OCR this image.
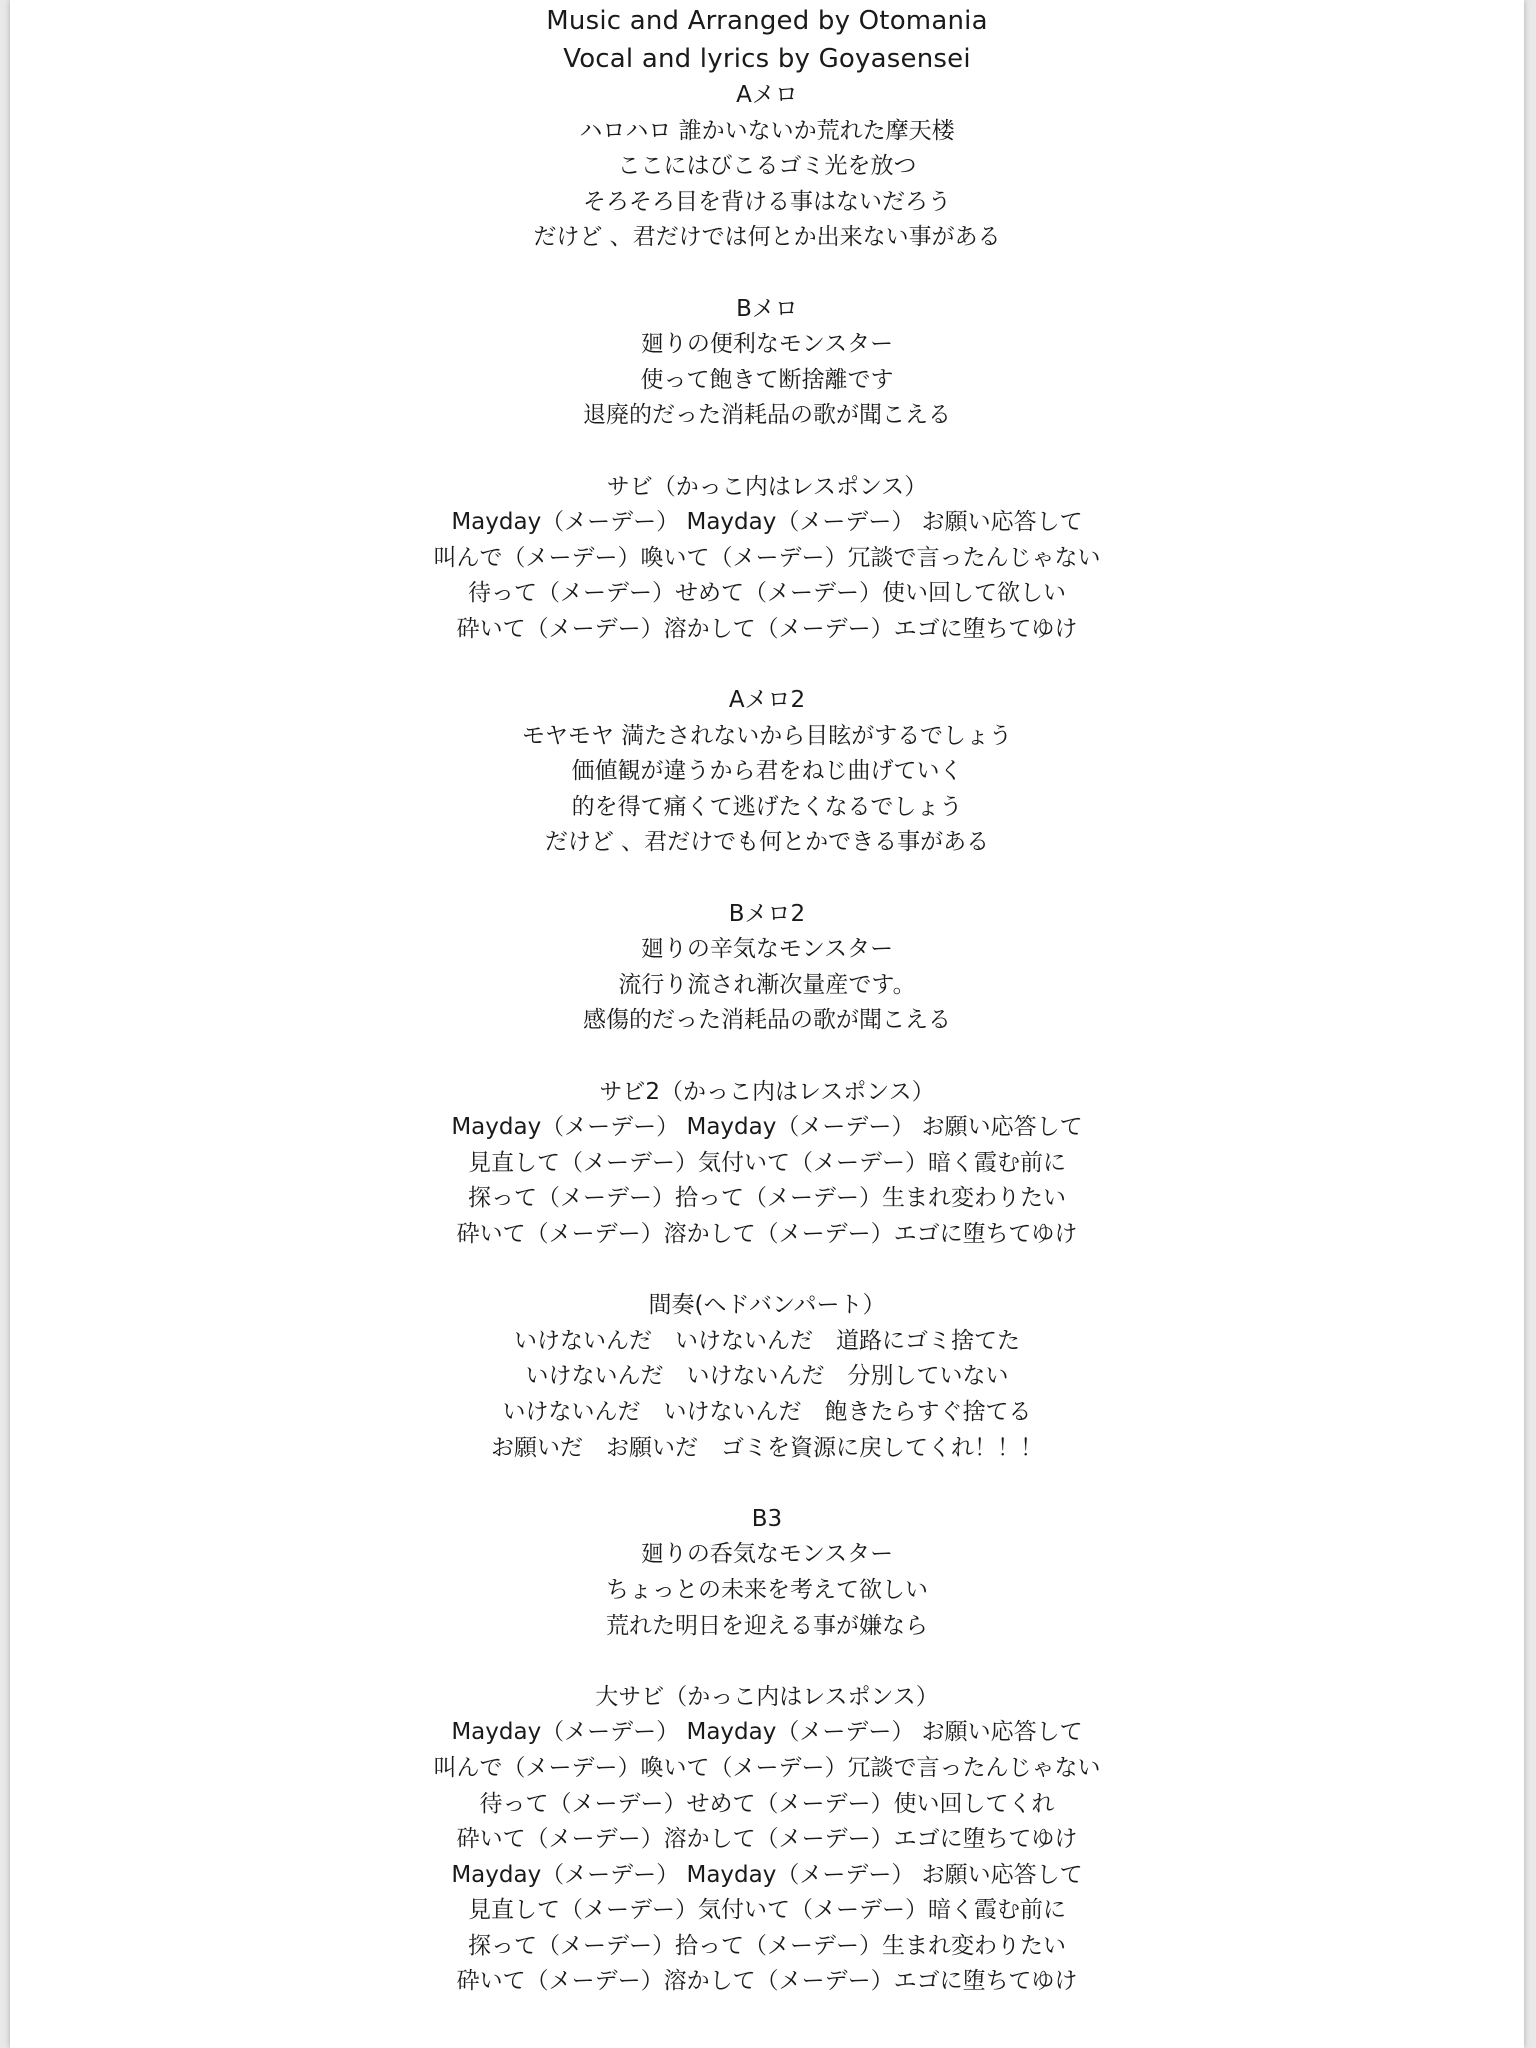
Music and Arranged by Otomania
Vocal and lyrics by Goyasensei
Aメロ
ハロハロ 誰かいないか荒れた摩天楼
ここにはびこるゴミ光を放つ
そろそろ目を背ける事はないだろう
だけど 、君だけでは何とか出来ない事がある
Bメロ
廻りの便利なモンスター
使って飽きて断捨離です
退廃的だった消耗品の歌が聞こえる
サビ（かっこ内はレスポンス）
Mayday（メーデー） Mayday（メーデー） お願い応答して
叫んで（メーデー）喚いて（メーデー）冗談で言ったんじゃない
待って（メーデー）せめて（メーデー）使い回して欲しい
砕いて（メーデー）溶かして（メーデー）エゴに堕ちてゆけ
Aメロ2
モヤモヤ 満たされないから目眩がするでしょう
価値観が違うから君をねじ曲げていく
的を得て痛くて逃げたくなるでしょう
だけど 、君だけでも何とかできる事がある
Bメロ2
廻りの辛気なモンスター
流行り流され漸次量産です。
感傷的だった消耗品の歌が聞こえる
サビ2（かっこ内はレスポンス）
Mayday（メーデー） Mayday（メーデー） お願い応答して
見直して（メーデー）気付いて（メーデー）暗く霞む前に
探って（メーデー）拾って（メーデー）生まれ変わりたい
砕いて（メーデー）溶かして（メーデー）エゴに堕ちてゆけ
間奏(ヘドバンパート）
いけないんだ　いけないんだ　道路にゴミ捨てた
いけないんだ　いけないんだ　分別していない
いけないんだ　いけないんだ　飽きたらすぐ捨てる
お願いだ　お願いだ　ゴミを資源に戻してくれ！！！
B3
廻りの呑気なモンスター
ちょっとの未来を考えて欲しい
荒れた明日を迎える事が嫌なら
大サビ（かっこ内はレスポンス）
Mayday（メーデー） Mayday（メーデー） お願い応答して
叫んで（メーデー）喚いて（メーデー）冗談で言ったんじゃない
待って（メーデー）せめて（メーデー）使い回してくれ
砕いて（メーデー）溶かして（メーデー）エゴに堕ちてゆけ
Mayday（メーデー） Mayday（メーデー） お願い応答して
見直して（メーデー）気付いて（メーデー）暗く霞む前に
探って（メーデー）拾って（メーデー）生まれ変わりたい
砕いて（メーデー）溶かして（メーデー）エゴに堕ちてゆけ
